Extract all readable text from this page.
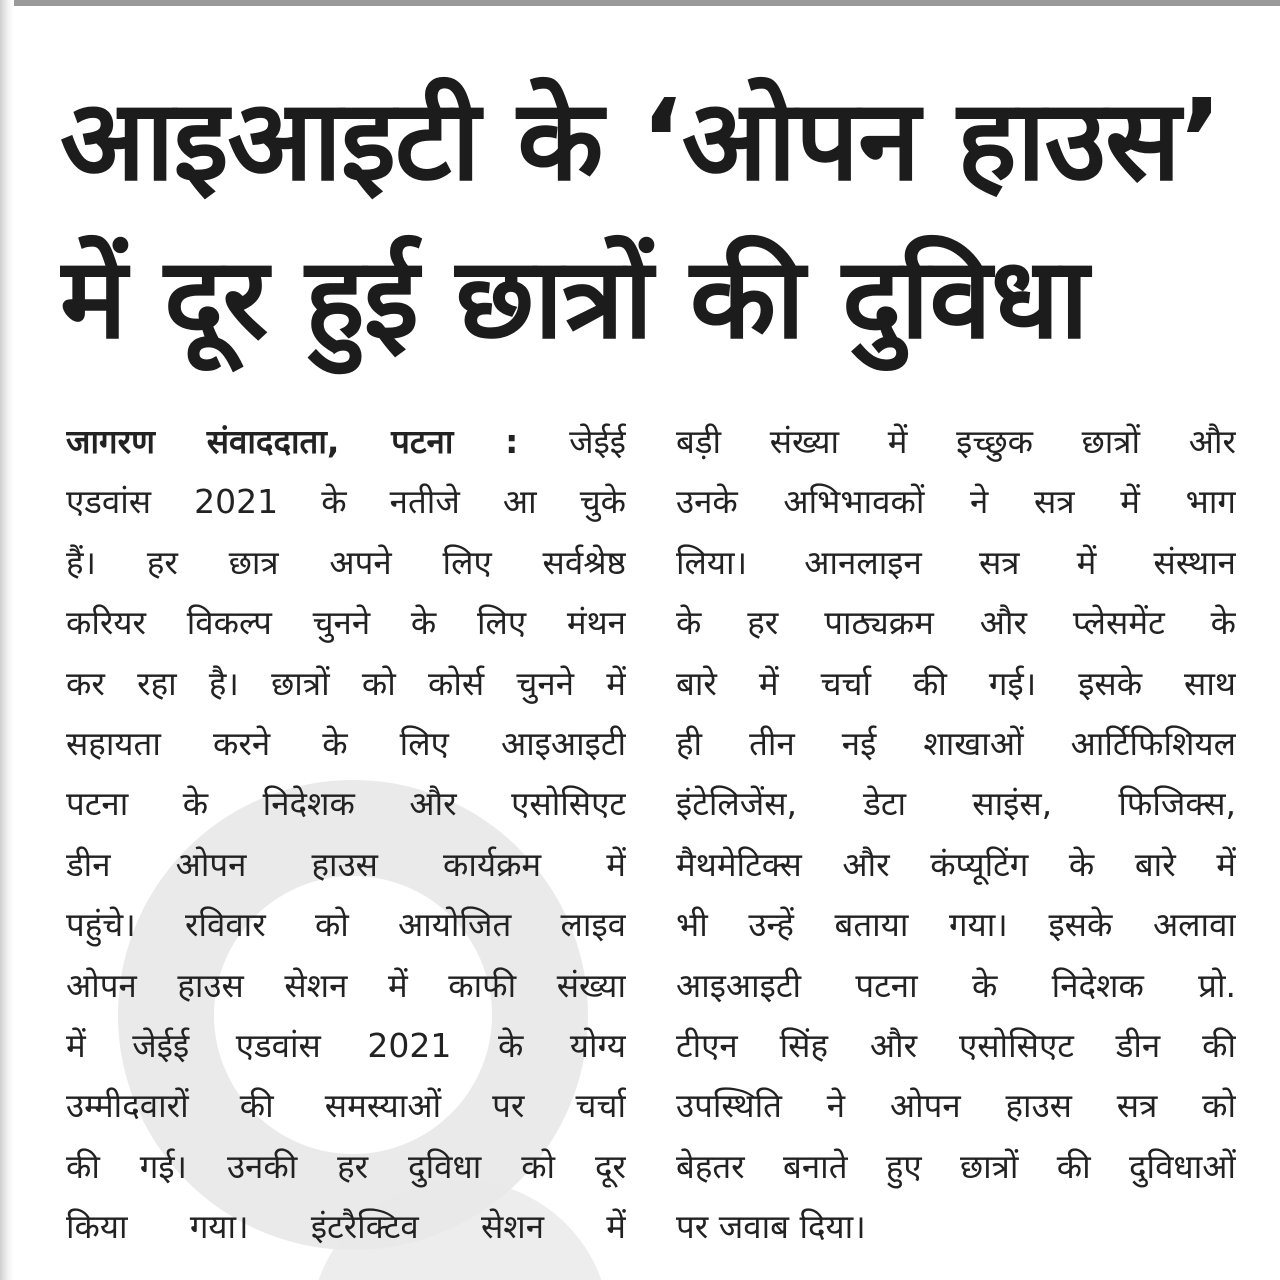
आइआइटी के ‘ओपन हाउस’
में दूर हुई छात्रों की दुविधा
जागरण संवाददाता, पटना : जेईई
एडवांस 2021 के नतीजे आ चुके
हैं। हर छात्र अपने लिए सर्वश्रेष्ठ
करियर विकल्प चुनने के लिए मंथन
कर रहा है। छात्रों को कोर्स चुनने में
सहायता करने के लिए आइआइटी
पटना के निदेशक और एसोसिएट
डीन ओपन हाउस कार्यक्रम में
पहुंचे। रविवार को आयोजित लाइव
ओपन हाउस सेशन में काफी संख्या
में जेईई एडवांस 2021 के योग्य
उम्मीदवारों की समस्याओं पर चर्चा
की गई। उनकी हर दुविधा को दूर
किया गया। इंटरैक्टिव सेशन में
बड़ी संख्या में इच्छुक छात्रों और
उनके अभिभावकों ने सत्र में भाग
लिया। आनलाइन सत्र में संस्थान
के हर पाठ्यक्रम और प्लेसमेंट के
बारे में चर्चा की गई। इसके साथ
ही तीन नई शाखाओं आर्टिफिशियल
इंटेलिजेंस, डेटा साइंस, फिजिक्स,
मैथमेटिक्स और कंप्यूटिंग के बारे में
भी उन्हें बताया गया। इसके अलावा
आइआइटी पटना के निदेशक प्रो.
टीएन सिंह और एसोसिएट डीन की
उपस्थिति ने ओपन हाउस सत्र को
बेहतर बनाते हुए छात्रों की दुविधाओं
पर जवाब दिया।
